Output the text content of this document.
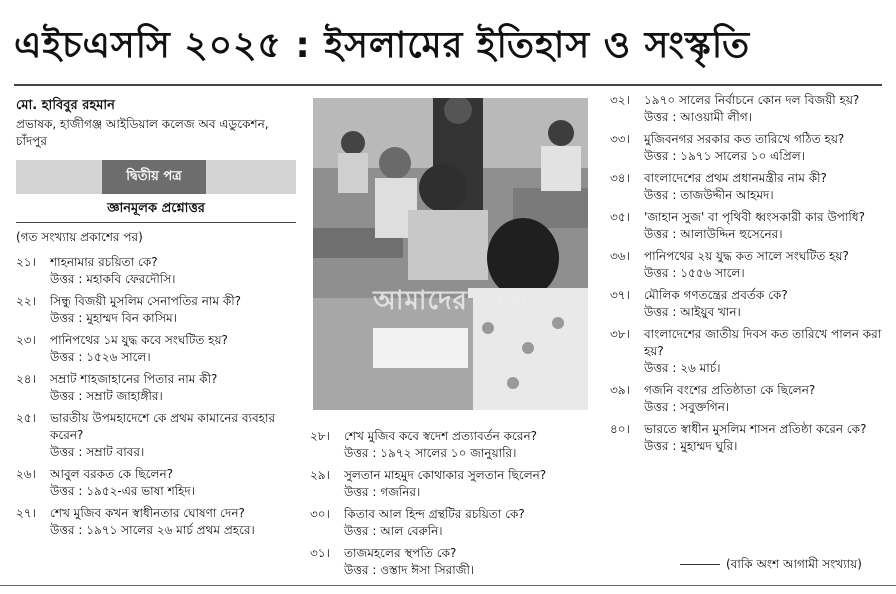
এইচএসসি ২০২৫ : ইসলামের ইতিহাস ও সংস্কৃতি
মো. হাবিবুর রহমান
প্রভাষক, হাজীগঞ্জ আইডিয়াল কলেজ অব এডুকেশন, চাঁদপুর
দ্বিতীয় পত্র
জ্ঞানমূলক প্রশ্নোত্তর
(গত সংখ্যায় প্রকাশের পর)
২১। শাহনামার রচয়িতা কে?
উত্তর : মহাকবি ফেরদৌসি।
২২। সিন্ধু বিজয়ী মুসলিম সেনাপতির নাম কী?
উত্তর : মুহাম্মদ বিন কাসিম।
২৩। পানিপথের ১ম যুদ্ধ কবে সংঘটিত হয়?
উত্তর : ১৫২৬ সালে।
২৪। সম্রাট শাহজাহানের পিতার নাম কী?
উত্তর : সম্রাট জাহাঙ্গীর।
২৫। ভারতীয় উপমহাদেশে কে প্রথম কামানের ব্যবহার করেন?
উত্তর : সম্রাট বাবর।
২৬। আবুল বরকত কে ছিলেন?
উত্তর : ১৯৫২-এর ভাষা শহিদ।
২৭। শেখ মুজিব কখন স্বাধীনতার ঘোষণা দেন?
উত্তর : ১৯৭১ সালের ২৬ মার্চ প্রথম প্রহরে।
আমাদের সময়
২৮। শেখ মুজিব কবে স্বদেশ প্রত্যাবর্তন করেন?
উত্তর : ১৯৭২ সালের ১০ জানুয়ারি।
২৯। সুলতান মাহমুদ কোথাকার সুলতান ছিলেন?
উত্তর : গজনির।
৩০। কিতাব আল হিন্দ গ্রন্থটির রচয়িতা কে?
উত্তর : আল বেরুনি।
৩১। তাজমহলের স্থপতি কে?
উত্তর : ওস্তাদ ঈসা সিরাজী।
৩২। ১৯৭০ সালের নির্বাচনে কোন দল বিজয়ী হয়?
উত্তর : আওয়ামী লীগ।
৩৩। মুজিবনগর সরকার কত তারিখে গঠিত হয়?
উত্তর : ১৯৭১ সালের ১০ এপ্রিল।
৩৪। বাংলাদেশের প্রথম প্রধানমন্ত্রীর নাম কী?
উত্তর : তাজউদ্দীন আহমদ।
৩৫। 'জাহান সুজ' বা পৃথিবী ধ্বংসকারী কার উপাধি?
উত্তর : আলাউদ্দিন হুসেনের।
৩৬। পানিপথের ২য় যুদ্ধ কত সালে সংঘটিত হয়?
উত্তর : ১৫৫৬ সালে।
৩৭। মৌলিক গণতন্ত্রের প্রবর্তক কে?
উত্তর : আইয়ুব খান।
৩৮। বাংলাদেশের জাতীয় দিবস কত তারিখে পালন করা হয়?
উত্তর : ২৬ মার্চ।
৩৯। গজনি বংশের প্রতিষ্ঠাতা কে ছিলেন?
উত্তর : সবুক্তগিন।
৪০। ভারতে স্বাধীন মুসলিম শাসন প্রতিষ্ঠা করেন কে?
উত্তর : মুহাম্মদ ঘুরি।
(বাকি অংশ আগামী সংখ্যায়)
